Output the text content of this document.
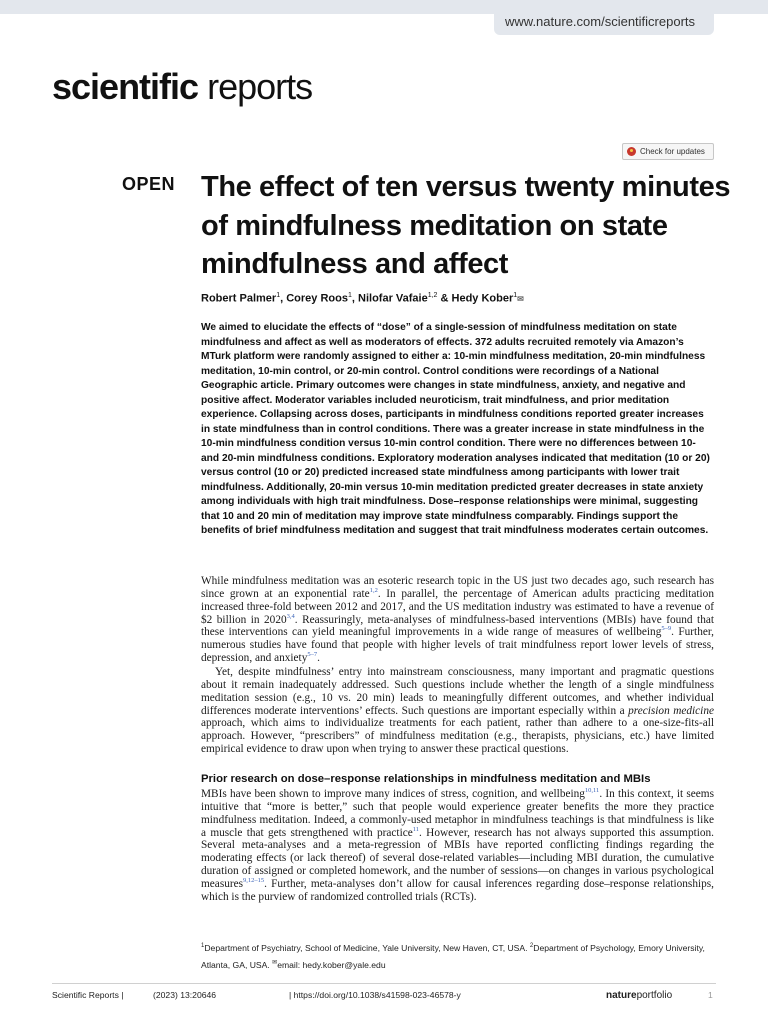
www.nature.com/scientificreports
scientific reports
Check for updates
OPEN The effect of ten versus twenty minutes of mindfulness meditation on state mindfulness and affect
Robert Palmer$^1$, Corey Roos$^1$, Nilofar Vafaie$^{1,2}$ & Hedy Kober$^1$✉

We aimed to elucidate the effects of “dose” of a single-session of mindfulness meditation on state mindfulness and affect as well as moderators of effects. 372 adults recruited remotely via Amazon’s MTurk platform were randomly assigned to either a: 10-min mindfulness meditation, 20-min mindfulness meditation, 10-min control, or 20-min control. Control conditions were recordings of a National Geographic article. Primary outcomes were changes in state mindfulness, anxiety, and negative and positive affect. Moderator variables included neuroticism, trait mindfulness, and prior meditation experience. Collapsing across doses, participants in mindfulness conditions reported greater increases in state mindfulness than in control conditions. There was a greater increase in state mindfulness in the 10-min mindfulness condition versus 10-min control condition. There were no differences between 10- and 20-min mindfulness conditions. Exploratory moderation analyses indicated that meditation (10 or 20) versus control (10 or 20) predicted increased state mindfulness among participants with lower trait mindfulness. Additionally, 20-min versus 10-min meditation predicted greater decreases in state anxiety among individuals with high trait mindfulness. Dose–response relationships were minimal, suggesting that 10 and 20 min of meditation may improve state mindfulness comparably. Findings support the benefits of brief mindfulness meditation and suggest that trait mindfulness moderates certain outcomes.

While mindfulness meditation was an esoteric research topic in the US just two decades ago, such research has since grown at an exponential rate$^{1,2}$. In parallel, the percentage of American adults practicing meditation increased three-fold between 2012 and 2017, and the US meditation industry was estimated to have a revenue of $2 billion in 2020$^{3,4}$. Reassuringly, meta-analyses of mindfulness-based interventions (MBIs) have found that these interventions can yield meaningful improvements in a wide range of measures of wellbeing$^{5-9}$. Further, numerous studies have found that people with higher levels of trait mindfulness report lower levels of stress, depression, and anxiety$^{5-7}$.

Yet, despite mindfulness’ entry into mainstream consciousness, many important and pragmatic questions about it remain inadequately addressed. Such questions include whether the length of a single mindfulness meditation session (e.g., 10 vs. 20 min) leads to meaningfully different outcomes, and whether individual differences moderate interventions’ effects. Such questions are important especially within a precision medicine approach, which aims to individualize treatments for each patient, rather than adhere to a one-size-fits-all approach. However, “prescribers” of mindfulness meditation (e.g., therapists, physicians, etc.) have limited empirical evidence to draw upon when trying to answer these practical questions.

Prior research on dose–response relationships in mindfulness meditation and MBIs

MBIs have been shown to improve many indices of stress, cognition, and wellbeing$^{10,11}$. In this context, it seems intuitive that “more is better,” such that people would experience greater benefits the more they practice mindfulness meditation. Indeed, a commonly-used metaphor in mindfulness teachings is that mindfulness is like a muscle that gets strengthened with practice$^{11}$. However, research has not always supported this assumption. Several meta-analyses and a meta-regression of MBIs have reported conflicting findings regarding the moderating effects (or lack thereof) of several dose-related variables—including MBI duration, the cumulative duration of assigned or completed homework, and the number of sessions—on changes in various psychological measures$^{9,12-15}$. Further, meta-analyses don’t allow for causal inferences regarding dose–response relationships, which is the purview of randomized controlled trials (RCTs).

$^1$Department of Psychiatry, School of Medicine, Yale University, New Haven, CT, USA. $^2$Department of Psychology, Emory University, Atlanta, GA, USA. ✉email: hedy.kober@yale.edu

Scientific Reports |	(2023) 13:20646	| https://doi.org/10.1038/s41598-023-46578-y	natureportfolio	1
